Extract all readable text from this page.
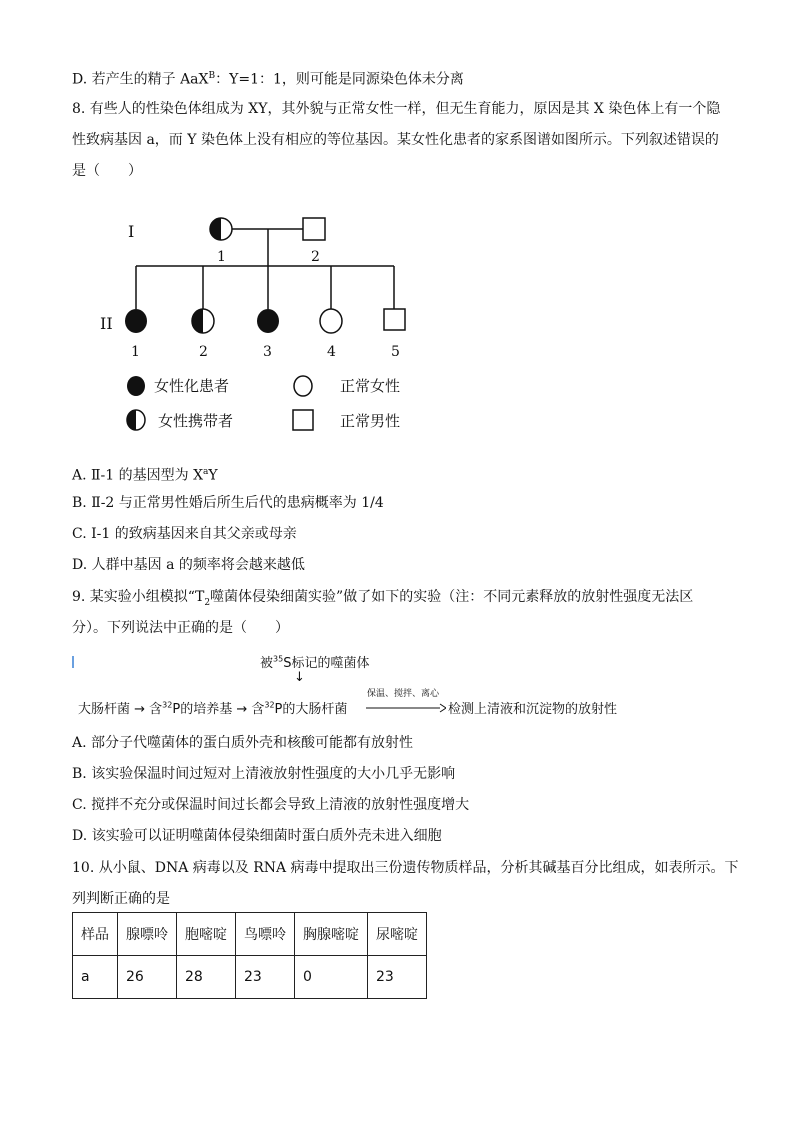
D. 若产生的精子 AaX$^B$：Y=1：1，则可能是同源染色体未分离
8. 有些人的性染色体组成为 XY，其外貌与正常女性一样，但无生育能力，原因是其 X 染色体上有一个隐
性致病基因 a，而 Y 染色体上没有相应的等位基因。某女性化患者的家系图谱如图所示。下列叙述错误的
是（　　）
I
II
1	2
1	2	3	4	5
女性化患者
女性携带者
正常女性
正常男性
A. Ⅱ-1 的基因型为 $X^aY$
B. Ⅱ-2 与正常男性婚后所生后代的患病概率为 1/4
C. I-1 的致病基因来自其父亲或母亲
D. 人群中基因 a 的频率将会越来越低
9. 某实验小组模拟“$T_2$噬菌体侵染细菌实验”做了如下的实验（注：不同元素释放的放射性强度无法区
分）。下列说法中正确的是（　　）
被$^{35}$S标记的噬菌体
↓
大肠杆菌 → 含$^{32}$P的培养基 → 含$^{32}$P的大肠杆菌
保温、搅拌、离心
检测上清液和沉淀物的放射性
A. 部分子代噬菌体的蛋白质外壳和核酸可能都有放射性
B. 该实验保温时间过短对上清液放射性强度的大小几乎无影响
C. 搅拌不充分或保温时间过长都会导致上清液的放射性强度增大
D. 该实验可以证明噬菌体侵染细菌时蛋白质外壳未进入细胞
10. 从小鼠、DNA 病毒以及 RNA 病毒中提取出三份遗传物质样品，分析其碱基百分比组成，如表所示。下
列判断正确的是
样品	腺嘌呤	胞嘧啶	鸟嘌呤	胸腺嘧啶	尿嘧啶
a	26	28	23	0	23
